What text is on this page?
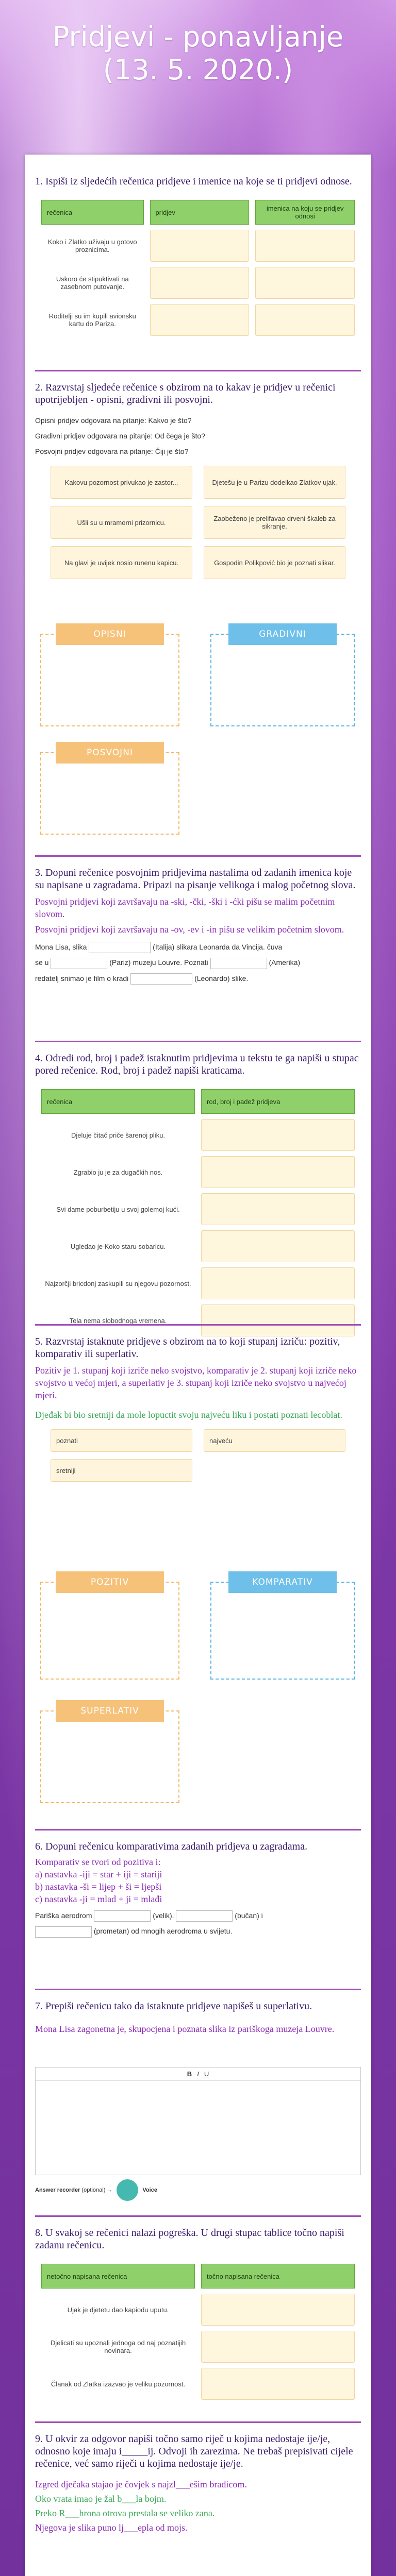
Pridjevi - ponavljanje
(13. 5. 2020.)
1. Ispiši iz sljedećih rečenica pridjeve i imenice na koje se ti pridjevi odnose.
rečenica	pridjev	imenica na koju se pridjev odnosi
Koko i Zlatko uživaju u gotovo proznicima.		
Uskoro će stipuktivati na zasebnom putovanje.		
Roditelji su im kupili avionsku kartu do Pariza.		
2. Razvrstaj sljedeće rečenice s obzirom na to kakav je pridjev u rečenici upotrijebljen - opisni, gradivni ili posvojni.
Opisni pridjev odgovara na pitanje: Kakvo je što?
Gradivni pridjev odgovara na pitanje: Od čega je što?
Posvojni pridjev odgovara na pitanje: Čiji je što?
Kakovu pozornost privukao je zastor...	Djetešu je u Parizu dodelkao Zlatkov ujak.
Ušli su u mramorni prizornicu.	Zaobeženo je prelifavao drveni škaleb za sikranje.
Na glavi je uvijek nosio runenu kapicu.	Gospodin Polikpović bio je poznati slikar.
OPISNI	GRADIVNI
POSVOJNI
3. Dopuni rečenice posvojnim pridjevima nastalima od zadanih imenica koje su napisane u zagradama. Pripazi na pisanje velikoga i malog početnog slova.
Posvojni pridjevi koji završavaju na -ski, -čki, -ški i -ćki pišu se malim početnim slovom.
Posvojni pridjevi koji završavaju na -ov, -ev i -in pišu se velikim početnim slovom.
Mona Lisa, slika	(Italija) slikara Leonarda da Vincija. čuva
se u	(Pariz) muzeju Louvre. Poznati	(Amerika)
redatelj snimao je film o kradi	(Leonardo) slike.
4. Odredi rod, broj i padež istaknutim pridjevima u tekstu te ga napiši u stupac pored rečenice. Rod, broj i padež napiši kraticama.
rečenica	rod, broj i padež pridjeva
Djeluje čitač priče šarenoj pliku.	
Zgrabio ju je za dugačkih nos.	
Svi dame poburbetiju u svoj golemoj kući.	
Ugledao je Koko staru sobaricu.	
Najzorčji bricdonj zaskupili su njegovu pozornost.	
Tela nema slobodnoga vremena.	
5. Razvrstaj istaknute pridjeve s obzirom na to koji stupanj izriču: pozitiv, komparativ ili superlativ.
Pozitiv je 1. stupanj koji izriče neko svojstvo, komparativ je 2. stupanj koji izriče neko svojstvo u većoj mjeri, a superlativ je 3. stupanj koji izriče neko svojstvo u najvećoj mjeri.
Djeđak bi bio sretniji da mole lopuctit svoju najveću liku i postati poznati lecoblat.
poznati	najveću
sretniji
POZITIV	KOMPARATIV
SUPERLATIV
6. Dopuni rečenicu komparativima zadanih pridjeva u zagradama.
Komparativ se tvori od pozitiva i:
a) nastavka -iji = star + iji = stariji
b) nastavka -ši = lijep + ši = ljepši
c) nastavka -ji = mlad + ji = mlađi
Pariška aerodrom	(velik).	(bučan) i
(prometan) od mnogih aerodroma u svijetu.
7. Prepiši rečenicu tako da istaknute pridjeve napišeš u superlativu.
Mona Lisa zagonetna je, skupocjena i poznata slika iz pariškoga muzeja Louvre.
B I U
Answer recorder
(optional) →	Voice
8. U svakoj se rečenici nalazi pogreška. U drugi stupac tablice točno napiši zadanu rečenicu.
netočno napisana rečenica	točno napisana rečenica
Ujak je djetetu dao kapiodu uputu.	
Djelicati su upoznali jednoga od naj poznatijih novinara.	
Članak od Zlatka izazvao je veliku pozornost.	
9. U okvir za odgovor napiši točno samo riječ u kojima nedostaje ije/je, odnosno koje imaju i_____ij. Odvoji ih zarezima. Ne trebaš prepisivati cijele rečenice, već samo riječi u kojima nedostaje ije/je.
Izgred dječaka stajao je čovjek s najzl___ešim bradicom.
Oko vrata imao je žal b___la bojm.
Preko R___hrona otrova prestala se veliko zana.
Njegova je slika puno lj___epla od mojs.
